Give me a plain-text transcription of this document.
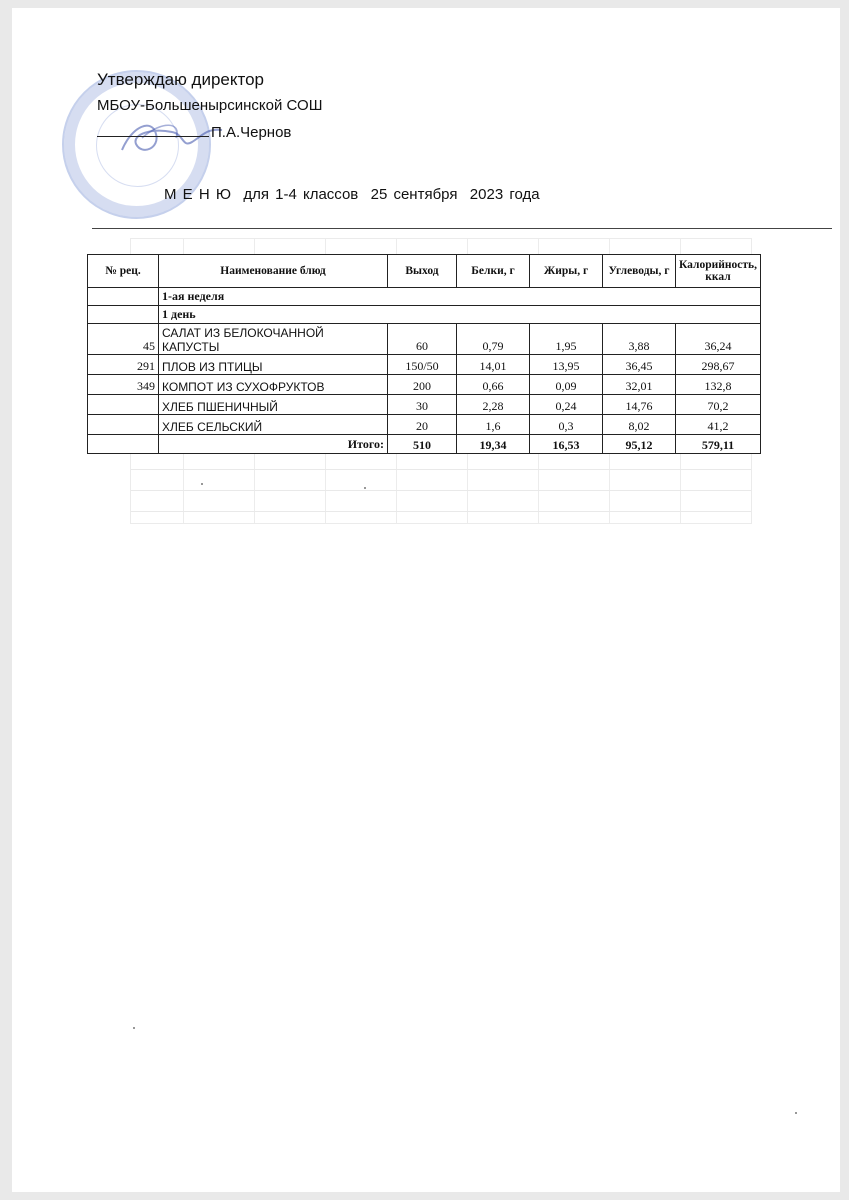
Утверждаю директор
МБОУ-Большенырсинской СОШ
П.А.Чернов
М Е Н Ю  для 1-4 классов  25 сентября  2023 года
№ рец.	Наименование блюд	Выход	Белки, г	Жиры, г	Углеводы, г	Калорийность, ккал
	1-ая неделя					
	1 день					
45	САЛАТ ИЗ БЕЛОКОЧАННОЙ КАПУСТЫ	60	0,79	1,95	3,88	36,24
291	ПЛОВ ИЗ ПТИЦЫ	150/50	14,01	13,95	36,45	298,67
349	КОМПОТ ИЗ СУХОФРУКТОВ	200	0,66	0,09	32,01	132,8
	ХЛЕБ ПШЕНИЧНЫЙ	30	2,28	0,24	14,76	70,2
	ХЛЕБ СЕЛЬСКИЙ	20	1,6	0,3	8,02	41,2
	Итого:	510	19,34	16,53	95,12	579,11
